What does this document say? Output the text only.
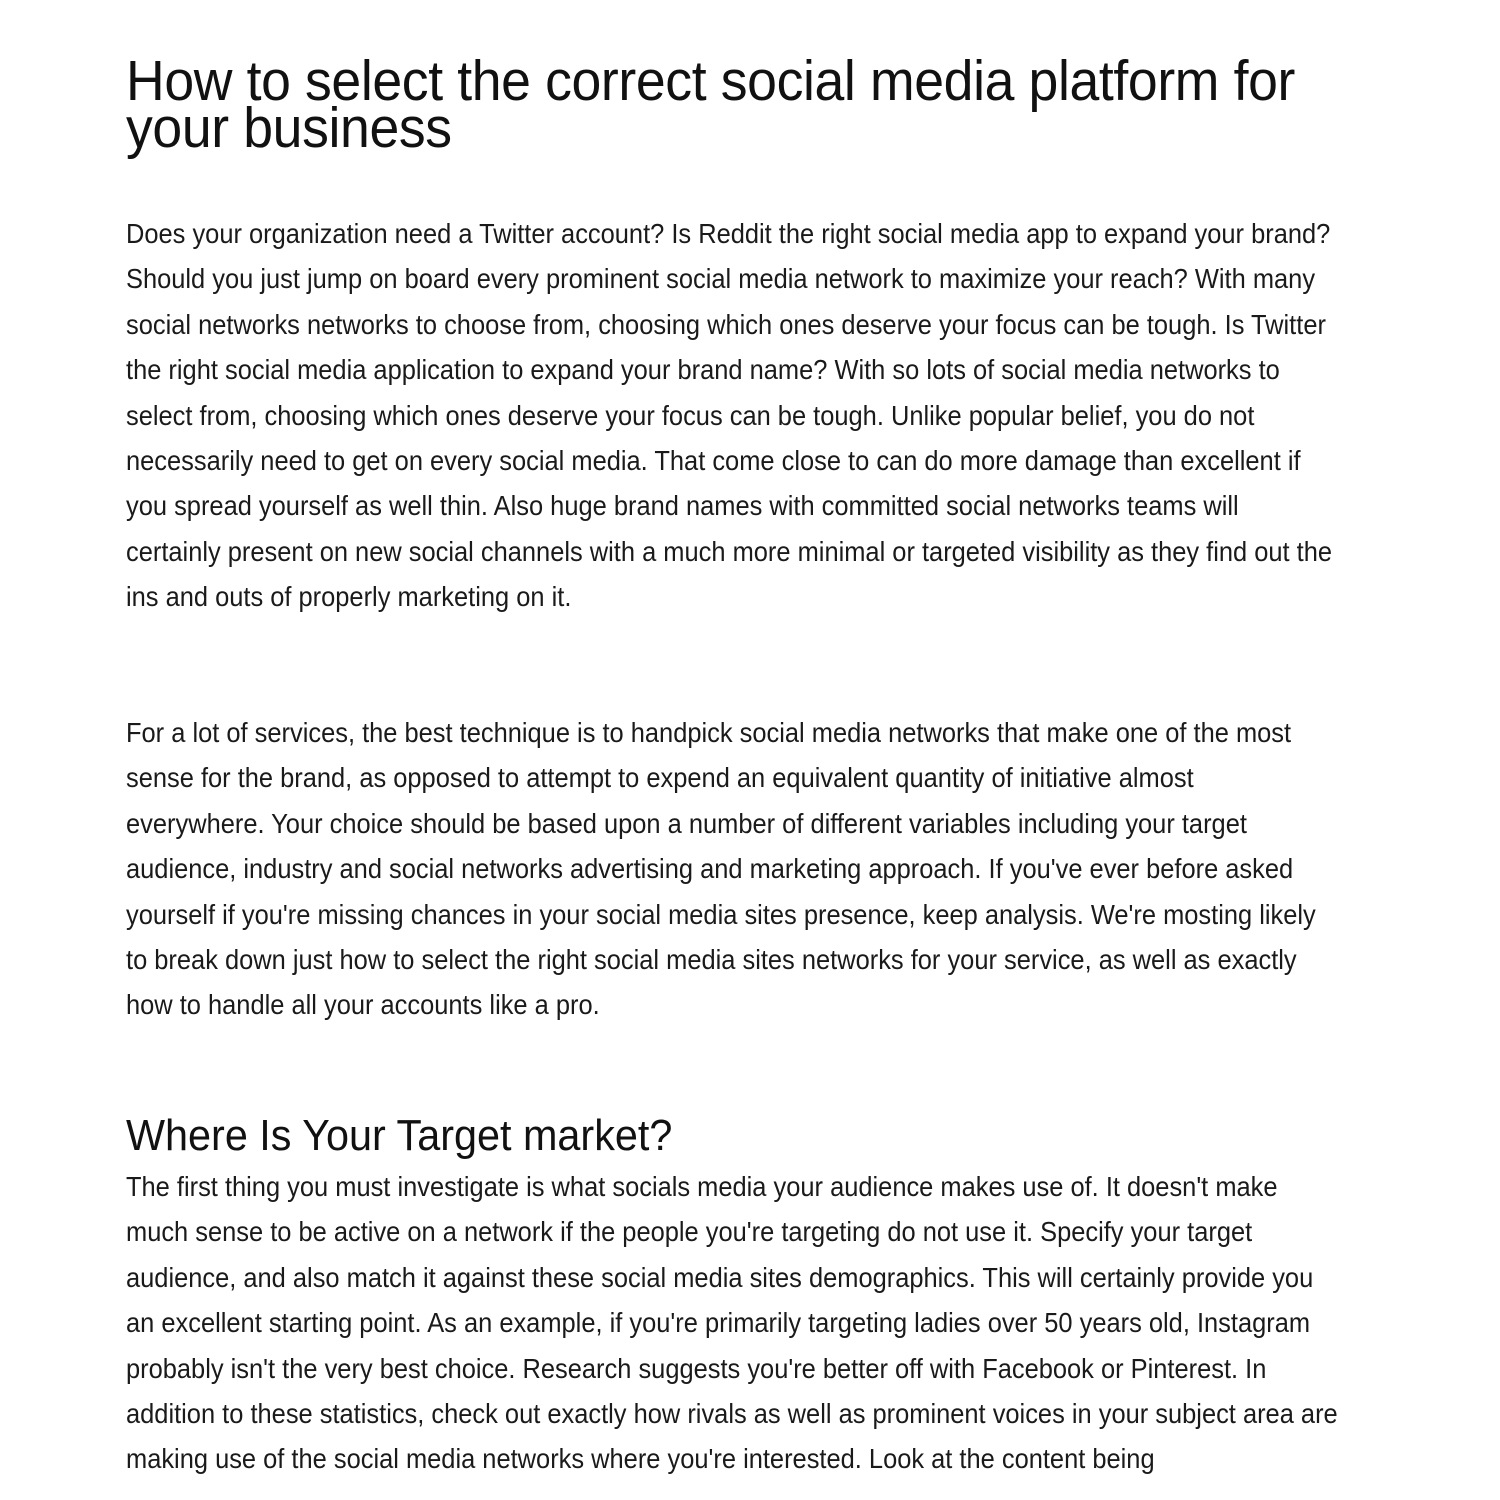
How to select the correct social media platform for your business

Does your organization need a Twitter account? Is Reddit the right social media app to expand your brand? Should you just jump on board every prominent social media network to maximize your reach? With many social networks networks to choose from, choosing which ones deserve your focus can be tough. Is Twitter the right social media application to expand your brand name? With so lots of social media networks to select from, choosing which ones deserve your focus can be tough. Unlike popular belief, you do not necessarily need to get on every social media. That come close to can do more damage than excellent if you spread yourself as well thin. Also huge brand names with committed social networks teams will certainly present on new social channels with a much more minimal or targeted visibility as they find out the ins and outs of properly marketing on it.

For a lot of services, the best technique is to handpick social media networks that make one of the most sense for the brand, as opposed to attempt to expend an equivalent quantity of initiative almost everywhere. Your choice should be based upon a number of different variables including your target audience, industry and social networks advertising and marketing approach. If you've ever before asked yourself if you're missing chances in your social media sites presence, keep analysis. We're mosting likely to break down just how to select the right social media sites networks for your service, as well as exactly how to handle all your accounts like a pro.

Where Is Your Target market?

The first thing you must investigate is what socials media your audience makes use of. It doesn't make much sense to be active on a network if the people you're targeting do not use it. Specify your target audience, and also match it against these social media sites demographics. This will certainly provide you an excellent starting point. As an example, if you're primarily targeting ladies over 50 years old, Instagram probably isn't the very best choice. Research suggests you're better off with Facebook or Pinterest. In addition to these statistics, check out exactly how rivals as well as prominent voices in your subject area are making use of the social media networks where you're interested. Look at the content being
